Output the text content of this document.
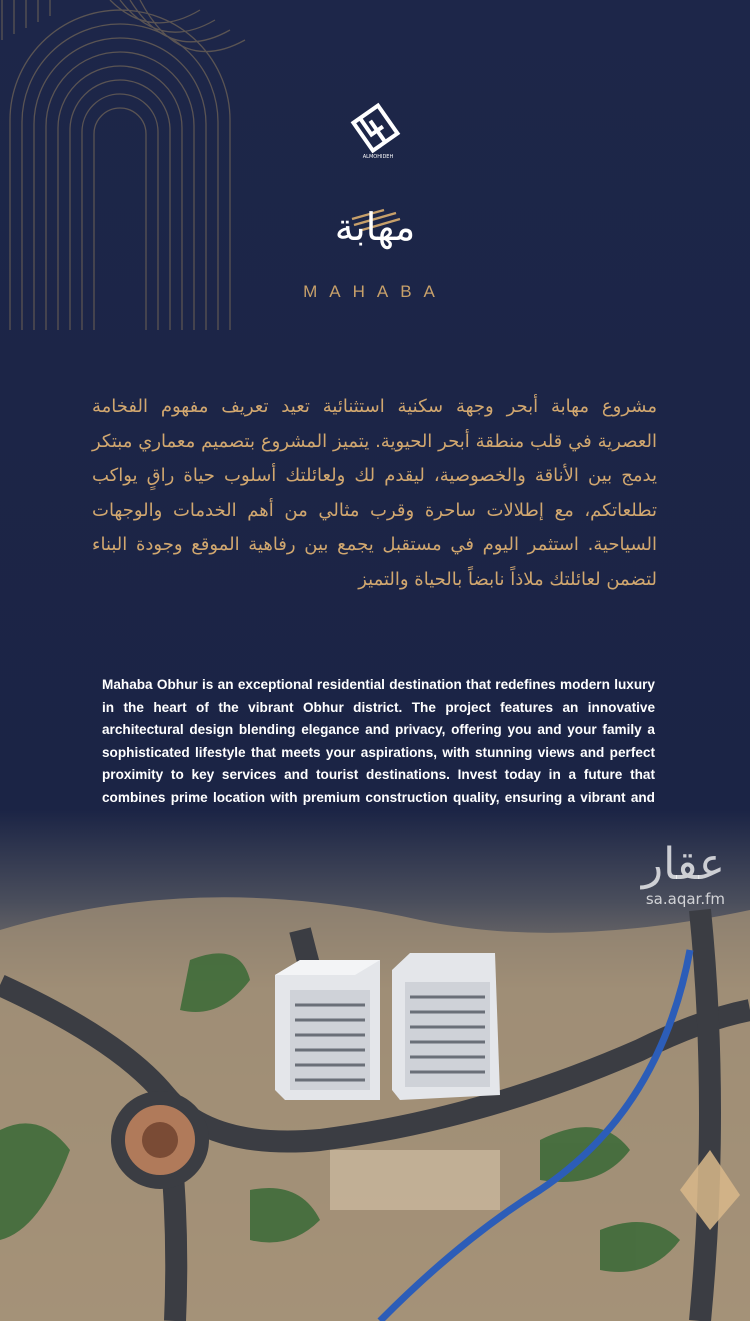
ALMOHIDEH
مهابة
MAHABA
مشروع مهابة أبحر وجهة سكنية استثنائية تعيد تعريف مفهوم الفخامة العصرية في قلب منطقة أبحر الحيوية. يتميز المشروع بتصميم معماري مبتكر يدمج بين الأناقة والخصوصية، ليقدم لك ولعائلتك أسلوب حياة راقٍ يواكب تطلعاتكم، مع إطلالات ساحرة وقرب مثالي من أهم الخدمات والوجهات السياحية. استثمر اليوم في مستقبل يجمع بين رفاهية الموقع وجودة البناء لتضمن لعائلتك ملاذاً نابضاً بالحياة والتميز
Mahaba Obhur is an exceptional residential destination that redefines modern luxury in the heart of the vibrant Obhur district. The project features an innovative architectural design blending elegance and privacy, offering you and your family a sophisticated lifestyle that meets your aspirations, with stunning views and perfect proximity to key services and tourist destinations. Invest today in a future that combines prime location with premium construction quality, ensuring a vibrant and
عقار
sa.aqar.fm
